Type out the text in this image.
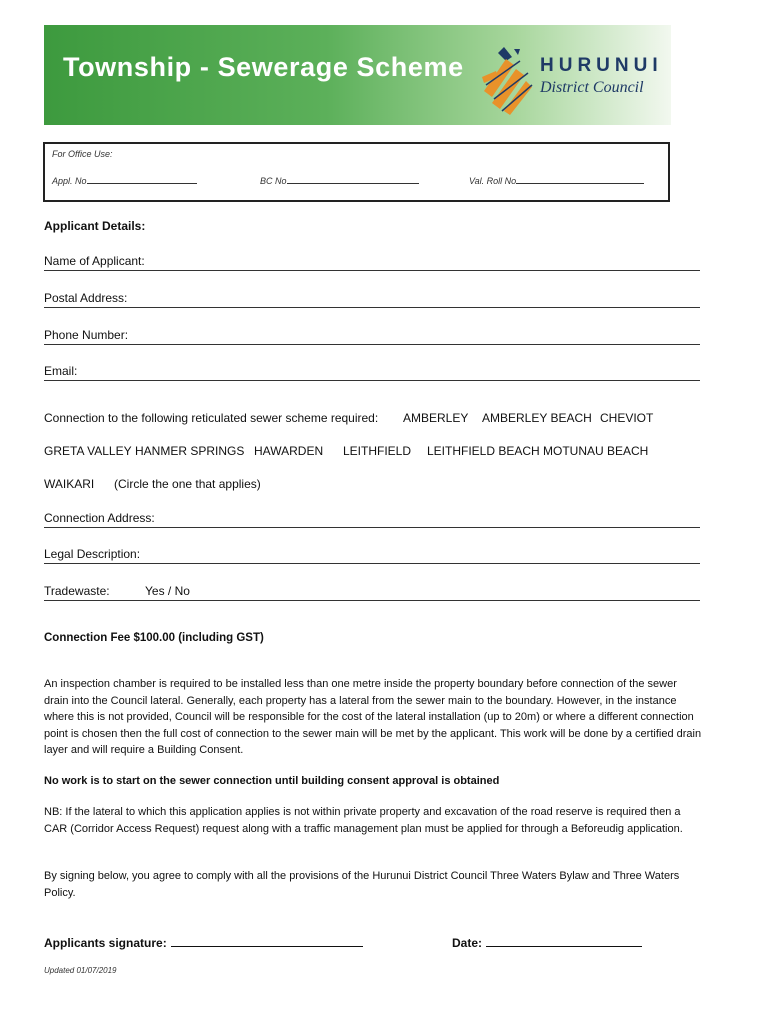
Township - Sewerage Scheme	HURUNUI
District Council
For Office Use:
Appl. No	BC No	Val. Roll No
Applicant Details:
Name of Applicant:
Postal Address:
Phone Number:
Email:
Connection to the following reticulated sewer scheme required: AMBERLEY AMBERLEY BEACH CHEVIOT
GRETA VALLEY HANMER SPRINGS HAWARDEN LEITHFIELD LEITHFIELD BEACH MOTUNAU BEACH
WAIKARI (Circle the one that applies)
Connection Address:
Legal Description:
Tradewaste:	Yes / No
Connection Fee $100.00 (including GST)
An inspection chamber is required to be installed less than one metre inside the property boundary before connection of the sewer drain into the Council lateral. Generally, each property has a lateral from the sewer main to the boundary. However, in the instance where this is not provided, Council will be responsible for the cost of the lateral installation (up to 20m) or where a different connection point is chosen then the full cost of connection to the sewer main will be met by the applicant. This work will be done by a certified drain layer and will require a Building Consent.
No work is to start on the sewer connection until building consent approval is obtained
NB: If the lateral to which this application applies is not within private property and excavation of the road reserve is required then a CAR (Corridor Access Request) request along with a traffic management plan must be applied for through a Beforeudig application.
By signing below, you agree to comply with all the provisions of the Hurunui District Council Three Waters Bylaw and Three Waters Policy.
Applicants signature:	Date:
Updated 01/07/2019
